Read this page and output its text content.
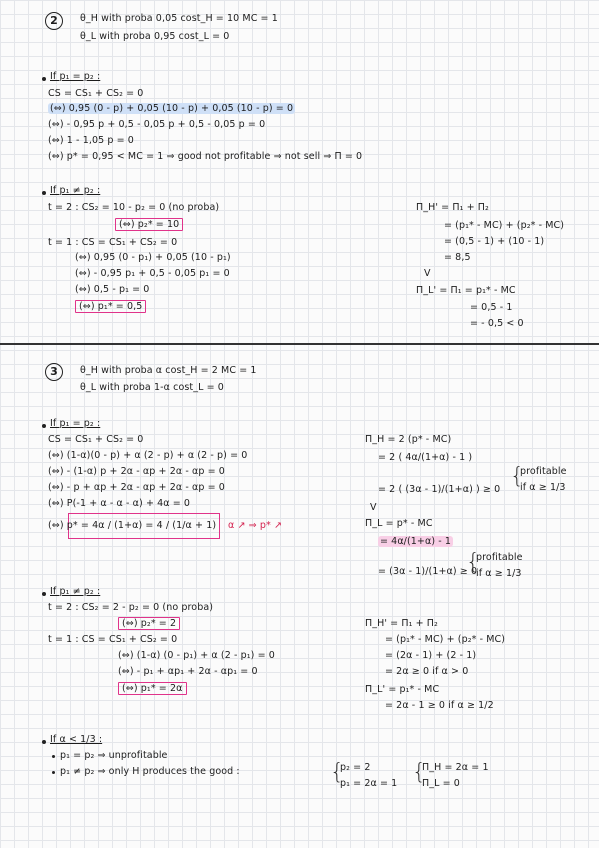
2	θ_H with proba 0,05 cost_H = 10 MC = 1
θ_L with proba 0,95 cost_L = 0
If p₁ = p₂ :
CS = CS₁ + CS₂ = 0
(⇔) 0,95 (0 - p) + 0,05 (10 - p) + 0,05 (10 - p) = 0
(⇔) - 0,95 p + 0,5 - 0,05 p + 0,5 - 0,05 p = 0
(⇔) 1 - 1,05 p = 0
(⇔) p* = 0,95 < MC = 1 ⇒ good not profitable ⇒ not sell ⇒ Π = 0
If p₁ ≠ p₂ :
t = 2 : CS₂ = 10 - p₂ = 0 (no proba)
(⇔) p₂* = 10
t = 1 : CS = CS₁ + CS₂ = 0
(⇔) 0,95 (0 - p₁) + 0,05 (10 - p₁)
(⇔) - 0,95 p₁ + 0,5 - 0,05 p₁ = 0
(⇔) 0,5 - p₁ = 0
(⇔) p₁* = 0,5
Π_H' = Π₁ + Π₂
= (p₁* - MC) + (p₂* - MC)
= (0,5 - 1) + (10 - 1)
= 8,5
V
Π_L' = Π₁ = p₁* - MC
= 0,5 - 1
= - 0,5 < 0
3	θ_H with proba α cost_H = 2 MC = 1
θ_L with proba 1-α cost_L = 0
If p₁ = p₂ :
CS = CS₁ + CS₂ = 0
(⇔) (1-α)(0 - p) + α (2 - p) + α (2 - p) = 0
(⇔) - (1-α) p + 2α - αp + 2α - αp = 0
(⇔) - p + αp + 2α - αp + 2α - αp = 0
(⇔) P(-1 + α - α - α) + 4α = 0
(⇔) p* = 4α / (1+α) = 4 / (1/α + 1) α ↗ ⇒ p* ↗
Π_H = 2 (p* - MC)
= 2 ( 4α/(1+α) - 1 )
= 2 ( (3α - 1)/(1+α) ) ≥ 0
{
profitable
if α ≥ 1/3
V
Π_L = p* - MC
= 4α/(1+α) - 1
= (3α - 1)/(1+α) ≥ 0
{
profitable
if α ≥ 1/3
If p₁ ≠ p₂ :
t = 2 : CS₂ = 2 - p₂ = 0 (no proba)
(⇔) p₂* = 2
t = 1 : CS = CS₁ + CS₂ = 0
(⇔) (1-α) (0 - p₁) + α (2 - p₁) = 0
(⇔) - p₁ + αp₁ + 2α - αp₁ = 0
(⇔) p₁* = 2α
Π_H' = Π₁ + Π₂
= (p₁* - MC) + (p₂* - MC)
= (2α - 1) + (2 - 1)
= 2α ≥ 0 if α > 0
Π_L' = p₁* - MC
= 2α - 1 ≥ 0 if α ≥ 1/2
If α < 1/3 :
p₁ = p₂ ⇒ unprofitable
p₁ ≠ p₂ ⇒ only H produces the good :	{
p₂ = 2
p₁ = 2α = 1 {
Π_H = 2α = 1
Π_L = 0
